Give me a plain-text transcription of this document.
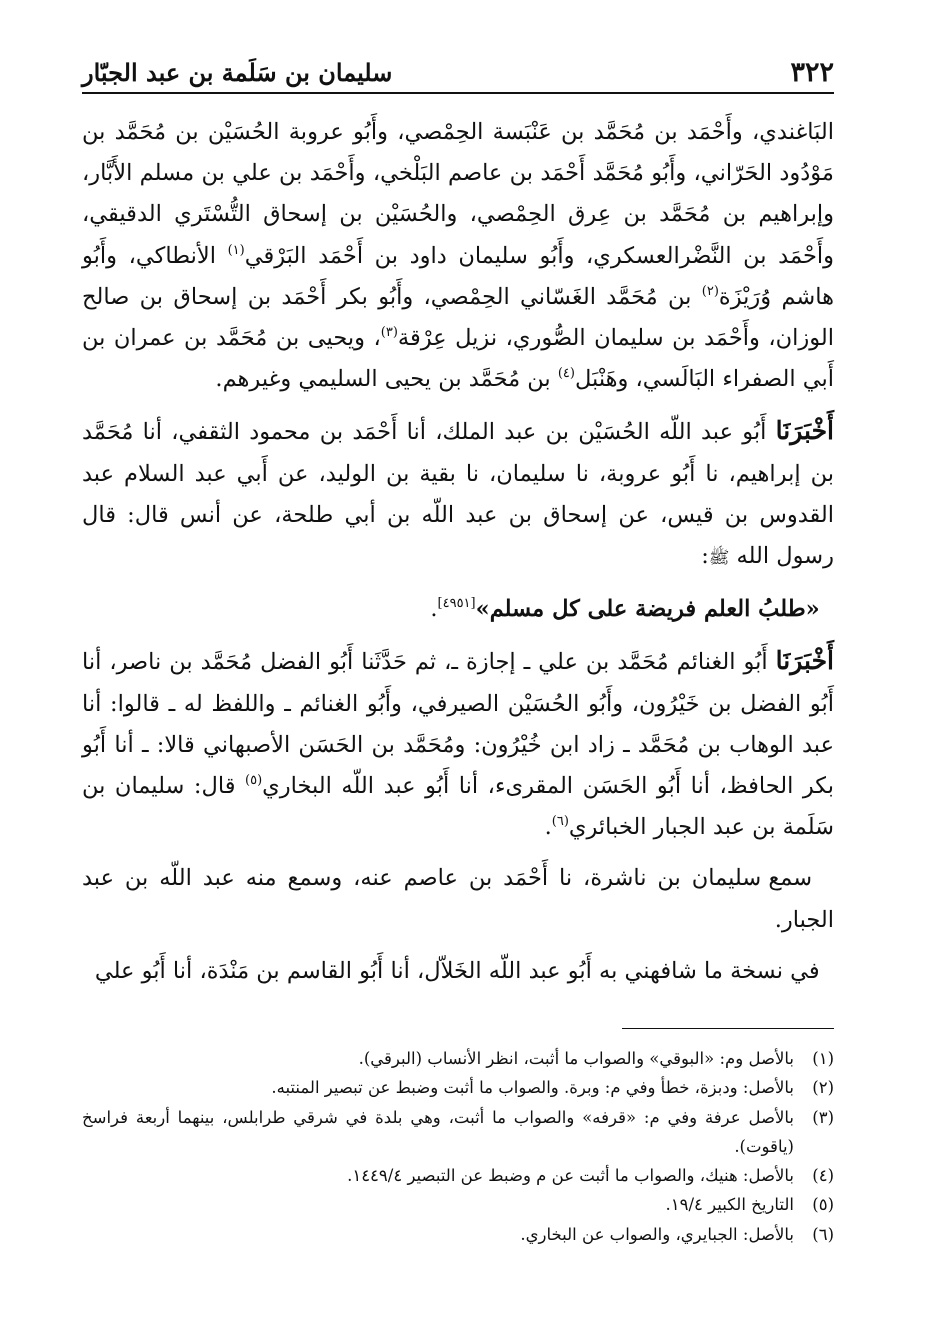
٣٢٢
سليمان بن سَلَمة بن عبد الجبّار

البَاغندي، وأَحْمَد بن مُحَمَّد بن عَنْبَسة الحِمْصي، وأَبُو عروبة الحُسَيْن بن مُحَمَّد بن مَوْدُود الحَرّاني، وأَبُو مُحَمَّد أَحْمَد بن عاصم البَلْخي، وأَحْمَد بن علي بن مسلم الأَبَّار، وإبراهيم بن مُحَمَّد بن عِرق الحِمْصي، والحُسَيْن بن إسحاق التُّسْتَري الدقيقي، وأَحْمَد بن النَّضْرالعسكري، وأَبُو سليمان داود بن أَحْمَد البَرْقي$^{(١)}$ الأنطاكي، وأَبُو هاشم وُرَيْزَة$^{(٢)}$ بن مُحَمَّد الغَسّاني الحِمْصي، وأَبُو بكر أَحْمَد بن إسحاق بن صالح الوزان، وأَحْمَد بن سليمان الصُّوري، نزيل عِرْقة$^{(٣)}$، ويحيى بن مُحَمَّد بن عمران بن أَبي الصفراء البَالَسي، وهَنْبَل$^{(٤)}$ بن مُحَمَّد بن يحيى السليمي وغيرهم.

أَخْبَرَنَا أَبُو عبد اللّه الحُسَيْن بن عبد الملك، أنا أَحْمَد بن محمود الثقفي، أنا مُحَمَّد بن إبراهيم، نا أَبُو عروبة، نا سليمان، نا بقية بن الوليد، عن أَبي عبد السلام عبد القدوس بن قيس، عن إسحاق بن عبد اللّه بن أبي طلحة، عن أنس قال: قال رسول الله ﷺ:

«طلبُ العلم فريضة على كل مسلم»[٤٩٥١].

أَخْبَرَنَا أَبُو الغنائم مُحَمَّد بن علي ـ إجازة ـ، ثم حَدَّثَنا أَبُو الفضل مُحَمَّد بن ناصر، أنا أَبُو الفضل بن خَيْرُون، وأَبُو الحُسَيْن الصيرفي، وأَبُو الغنائم ـ واللفظ له ـ قالوا: أنا عبد الوهاب بن مُحَمَّد ـ زاد ابن خُيْرُون: ومُحَمَّد بن الحَسَن الأصبهاني قالا: ـ أنا أَبُو بكر الحافظ، أنا أَبُو الحَسَن المقرىء، أنا أَبُو عبد اللّه البخاري$^{(٥)}$ قال: سليمان بن سَلَمة بن عبد الجبار الخبائري$^{(٦)}$.

سمع سليمان بن ناشرة، نا أَحْمَد بن عاصم عنه، وسمع منه عبد اللّه بن عبد الجبار.

في نسخة ما شافهني به أَبُو عبد اللّه الخَلاّل، أنا أَبُو القاسم بن مَنْدَة، أنا أَبُو علي

(١)
بالأصل وم: «البوقي» والصواب ما أثبت، انظر الأنساب (البرقي).
(٢)
بالأصل: ودبزة، خطأ وفي م: وبرة. والصواب ما أثبت وضبط عن تبصير المنتبه.
(٣)
بالأصل عرفة وفي م: «قرفه» والصواب ما أثبت، وهي بلدة في شرقي طرابلس، بينهما أربعة فراسخ (ياقوت).
(٤)
بالأصل: هنيك، والصواب ما أثبت عن م وضبط عن التبصير ١٤٤٩/٤.
(٥)
التاريخ الكبير ١٩/٤.
(٦)
بالأصل: الجبايري، والصواب عن البخاري.
